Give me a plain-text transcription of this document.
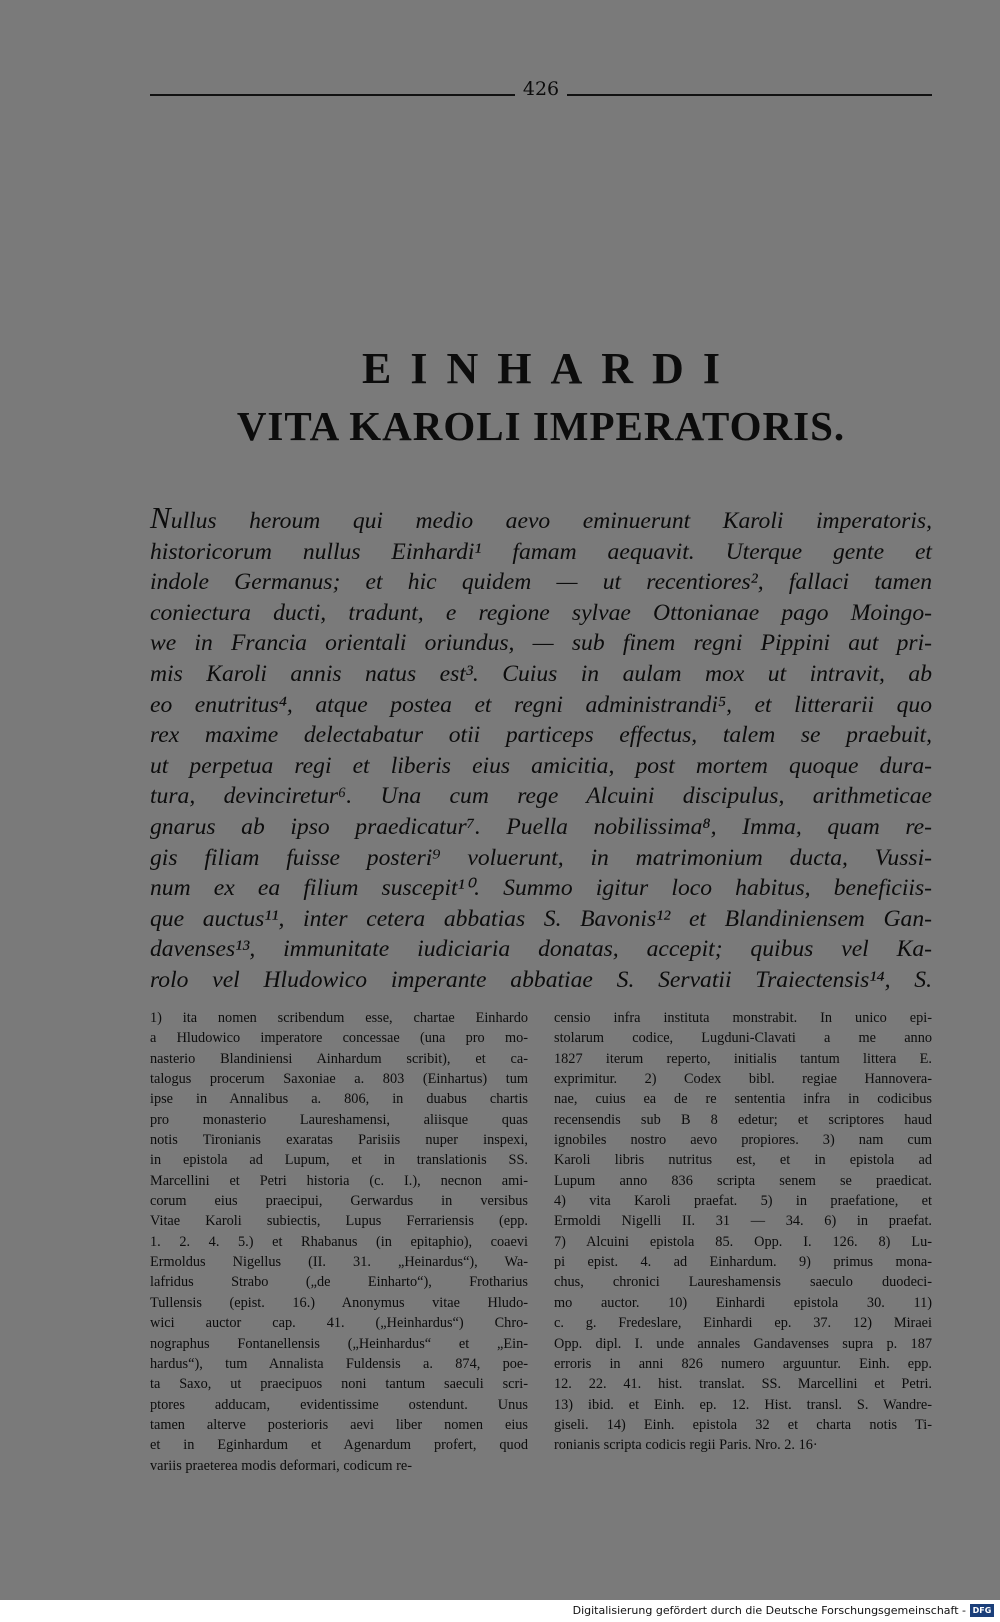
426
EINHARDI
VITA KAROLI IMPERATORIS.
Nullus heroum qui medio aevo eminuerunt Karoli imperatoris,
historicorum nullus Einhardi¹ famam aequavit. Uterque gente et
indole Germanus; et hic quidem — ut recentiores², fallaci tamen
coniectura ducti, tradunt, e regione sylvae Ottonianae pago Moingo-
we in Francia orientali oriundus, — sub finem regni Pippini aut pri-
mis Karoli annis natus est³. Cuius in aulam mox ut intravit, ab
eo enutritus⁴, atque postea et regni administrandi⁵, et litterarii quo
rex maxime delectabatur otii particeps effectus, talem se praebuit,
ut perpetua regi et liberis eius amicitia, post mortem quoque dura-
tura, devinciretur⁶. Una cum rege Alcuini discipulus, arithmeticae
gnarus ab ipso praedicatur⁷. Puella nobilissima⁸, Imma, quam re-
gis filiam fuisse posteri⁹ voluerunt, in matrimonium ducta, Vussi-
num ex ea filium suscepit¹⁰. Summo igitur loco habitus, beneficiis-
que auctus¹¹, inter cetera abbatias S. Bavonis¹² et Blandiniensem Gan-
davenses¹³, immunitate iudiciaria donatas, accepit; quibus vel Ka-
rolo vel Hludowico imperante abbatiae S. Servatii Traiectensis¹⁴, S.
1) ita nomen scribendum esse, chartae Einhardo
a Hludowico imperatore concessae (una pro mo-
nasterio Blandiniensi Ainhardum scribit), et ca-
talogus procerum Saxoniae a. 803 (Einhartus) tum
ipse in Annalibus a. 806, in duabus chartis
pro monasterio Laureshamensi, aliisque quas
notis Tironianis exaratas Parisiis nuper inspexi,
in epistola ad Lupum, et in translationis SS.
Marcellini et Petri historia (c. I.), necnon ami-
corum eius praecipui, Gerwardus in versibus
Vitae Karoli subiectis, Lupus Ferrariensis (epp.
1. 2. 4. 5.) et Rhabanus (in epitaphio), coaevi
Ermoldus Nigellus (II. 31. „Heinardus“), Wa-
lafridus Strabo („de Einharto“), Frotharius
Tullensis (epist. 16.) Anonymus vitae Hludo-
wici auctor cap. 41. („Heinhardus“) Chro-
nographus Fontanellensis („Heinhardus“ et „Ein-
hardus“), tum Annalista Fuldensis a. 874, poe-
ta Saxo, ut praecipuos noni tantum saeculi scri-
ptores adducam, evidentissime ostendunt. Unus
tamen alterve posterioris aevi liber nomen eius
et in Eginhardum et Agenardum profert, quod
variis praeterea modis deformari, codicum re-
censio infra instituta monstrabit. In unico epi-
stolarum codice, Lugduni-Clavati a me anno
1827 iterum reperto, initialis tantum littera E.
exprimitur. 2) Codex bibl. regiae Hannovera-
nae, cuius ea de re sententia infra in codicibus
recensendis sub B 8 edetur; et scriptores haud
ignobiles nostro aevo propiores. 3) nam cum
Karoli libris nutritus est, et in epistola ad
Lupum anno 836 scripta senem se praedicat.
4) vita Karoli praefat. 5) in praefatione, et
Ermoldi Nigelli II. 31 — 34. 6) in praefat.
7) Alcuini epistola 85. Opp. I. 126. 8) Lu-
pi epist. 4. ad Einhardum. 9) primus mona-
chus, chronici Laureshamensis saeculo duodeci-
mo auctor. 10) Einhardi epistola 30. 11)
c. g. Fredeslare, Einhardi ep. 37. 12) Miraei
Opp. dipl. I. unde annales Gandavenses supra p. 187
erroris in anni 826 numero arguuntur. Einh. epp.
12. 22. 41. hist. translat. SS. Marcellini et Petri.
13) ibid. et Einh. ep. 12. Hist. transl. S. Wandre-
giseli. 14) Einh. epistola 32 et charta notis Ti-
ronianis scripta codicis regii Paris. Nro. 2. 16·
Digitalisierung gefördert durch die Deutsche Forschungsgemeinschaft - DFG
